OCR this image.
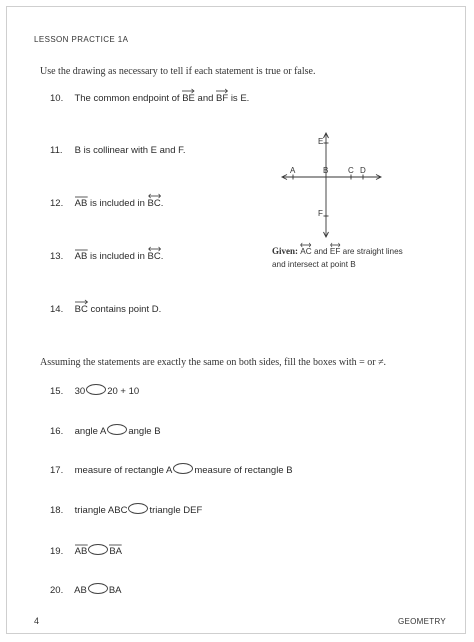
LESSON PRACTICE 1A
Use the drawing as necessary to tell if each statement is true or false.
10. The common endpoint of BE and BF is E.
11. B is collinear with E and F.
12. AB is included in BC.
13. AB is included in BC.
14. BC contains point D.
E
F
A	B C D
Given: AC and EF are straight lines and intersect at point B
Assuming the statements are exactly the same on both sides, fill the boxes with = or ≠.
15. 30 20 + 10
16. angle A angle B
17. measure of rectangle A measure of rectangle B
18. triangle ABC triangle DEF
19. AB BA
20. AB BA
4	GEOMETRY
